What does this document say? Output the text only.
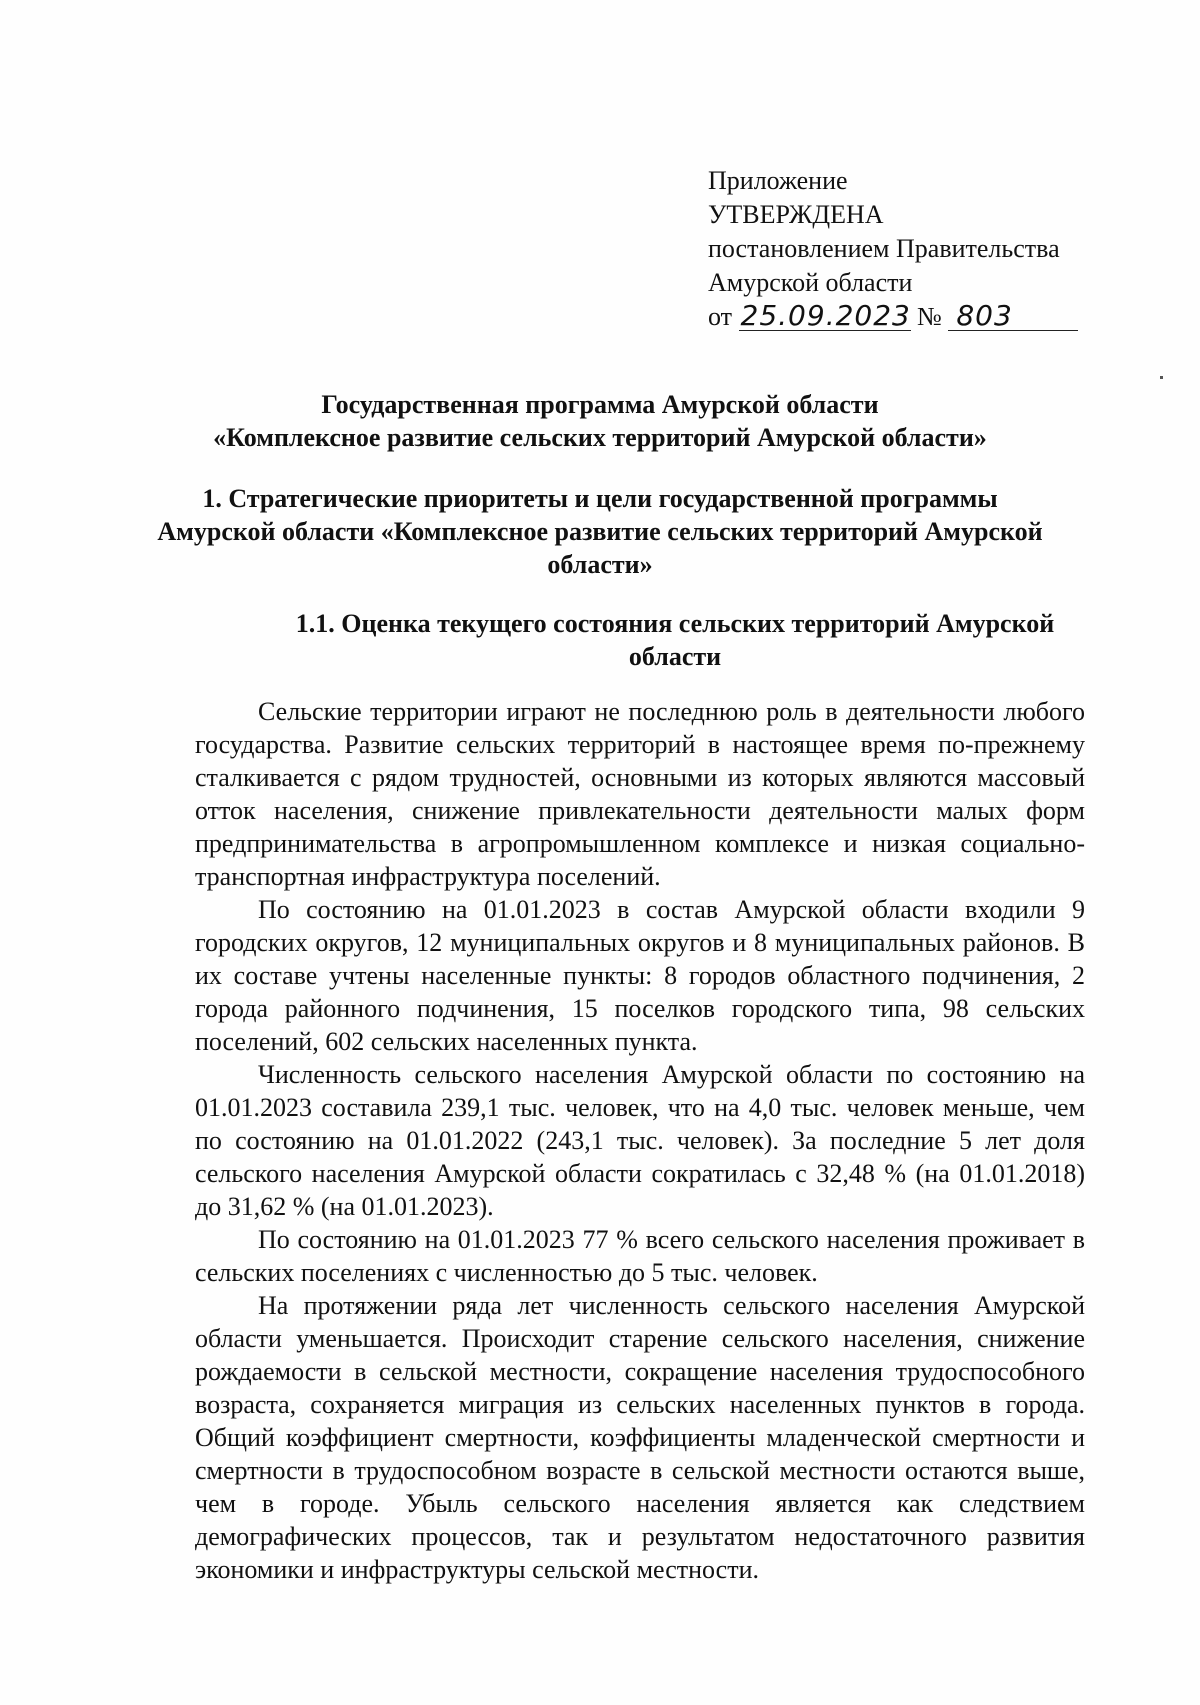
Приложение
УТВЕРЖДЕНА
постановлением Правительства
Амурской области
от 25.09.2023 № 803
Государственная программа Амурской области
«Комплексное развитие сельских территорий Амурской области»
1. Стратегические приоритеты и цели государственной программы Амурской области «Комплексное развитие сельских территорий Амурской области»
1.1. Оценка текущего состояния сельских территорий Амурской области

Сельские территории играют не последнюю роль в деятельности любого государства. Развитие сельских территорий в настоящее время по-прежнему сталкивается с рядом трудностей, основными из которых являются массовый отток населения, снижение привлекательности деятельности малых форм предпринимательства в агропромышленном комплексе и низкая социально-транспортная инфраструктура поселений.

По состоянию на 01.01.2023 в состав Амурской области входили 9 городских округов, 12 муниципальных округов и 8 муниципальных районов. В их составе учтены населенные пункты: 8 городов областного подчинения, 2 города районного подчинения, 15 поселков городского типа, 98 сельских поселений, 602 сельских населенных пункта.

Численность сельского населения Амурской области по состоянию на 01.01.2023 составила 239,1 тыс. человек, что на 4,0 тыс. человек меньше, чем по состоянию на 01.01.2022 (243,1 тыс. человек). За последние 5 лет доля сельского населения Амурской области сократилась с 32,48 % (на 01.01.2018) до 31,62 % (на 01.01.2023).

По состоянию на 01.01.2023 77 % всего сельского населения проживает в сельских поселениях с численностью до 5 тыс. человек.

На протяжении ряда лет численность сельского населения Амурской области уменьшается. Происходит старение сельского населения, снижение рождаемости в сельской местности, сокращение населения трудоспособного возраста, сохраняется миграция из сельских населенных пунктов в города. Общий коэффициент смертности, коэффициенты младенческой смертности и смертности в трудоспособном возрасте в сельской местности остаются выше, чем в городе. Убыль сельского населения является как следствием демографических процессов, так и результатом недостаточного развития экономики и инфраструктуры сельской местности.
